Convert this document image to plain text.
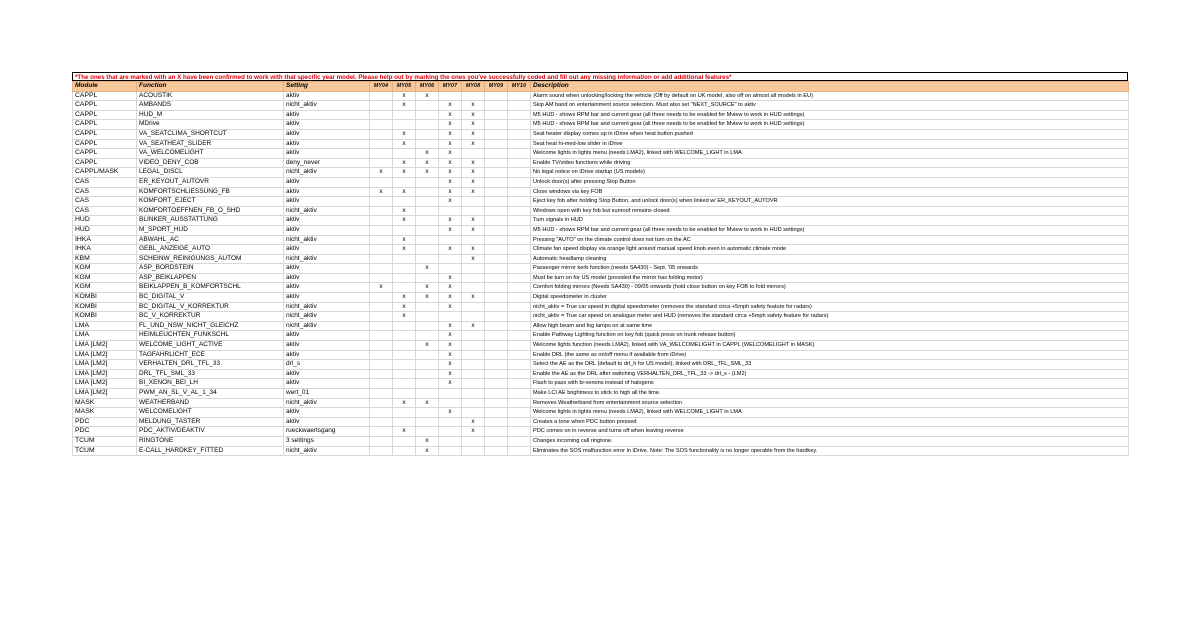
*The ones that are marked with an X have been confirmed to work with that specific year model. Please help out by marking the ones you've successfully coded and fill out any missing information or add additional features*
Module	Function	Setting	MY04	MY05	MY06	MY07	MY08	MY09	MY10	Description
CAPPL	ACOUSTIK	aktiv		x	x					Alarm sound when unlocking/locking the vehicle (Off by default on UK model, also off on almost all models in EU)
CAPPL	AMBANDS	nicht_aktiv		x		x	x			Skip AM band on entertainment source selection. Must also set "NEXT_SOURCE" to aktiv
CAPPL	HUD_M	aktiv				x	x			M5 HUD - shows RPM bar and current gear (all three needs to be enabled for Mview to work in HUD settings)
CAPPL	MDrive	aktiv				x	x			M5 HUD - shows RPM bar and current gear (all three needs to be enabled for Mview to work in HUD settings)
CAPPL	VA_SEATCLIMA_SHORTCUT	aktiv		x		x	x			Seat heater display comes up in iDrive when heat button pushed
CAPPL	VA_SEATHEAT_SLIDER	aktiv		x		x	x			Seat heat hi-med-low slider in iDrive
CAPPL	VA_WELCOMELIGHT	aktiv			x	x				Welcome lights in lights menu (needs LMA2), linked with WELCOME_LIGHT in LMA
CAPPL	VIDEO_DENY_COB	deny_never		x	x	x	x			Enable TV/video functions while driving
CAPPL/MASK	LEGAL_DISCL	nicht_aktiv	x	x	x	x	x			No legal notice on iDrive startup (US models)
CAS	ER_KEYOUT_AUTOVR	aktiv				x	x			Unlock door(s) after pressing Stop Button
CAS	KOMFORTSCHLIESSUNG_FB	aktiv	x	x		x	x			Close windows via key FOB
CAS	KOMFORT_EJECT	aktiv				x				Eject key fob after holding Stop Button, and unlock door(s) when linked w/ ER_KEYOUT_AUTOVR
CAS	KOMFORTOEFFNEN_FB_O_SHD	nicht_aktiv		x						Windows open with key fob but sunroof remains closed
HUD	BLINKER_AUSSTATTUNG	aktiv		x		x	x			Turn signals in HUD
HUD	M_SPORT_HUD	aktiv				x	x			M5 HUD - shows RPM bar and current gear (all three needs to be enabled for Mview to work in HUD settings)
IHKA	ABWAHL_AC	nicht_aktiv		x						Pressing "AUTO" on the climate control does not turn on the AC
IHKA	GEBL_ANZEIGE_AUTO	aktiv		x		x	x			Climate fan speed display via orange light around manual speed knob even in automatic climate mode
KBM	SCHEINW_REINIGUNGS_AUTOM	nicht_aktiv					x			Automatic headlamp cleaning
KGM	ASP_BORDSTEIN	aktiv			x					Passenger mirror kerb function (needs SA430) - Sept. '05 onwards
KGM	ASP_BEIKLAPPEN	aktiv				x				Must be turn on for US model (provided the mirror has folding motor)
KGM	BEIKLAPPEN_B_KOMFORTSCHL	aktiv	x		x	x				Comfort folding mirrors (Needs SA430) - 09/05 onwards (hold close button on key FOB to fold mirrors)
KOMBI	BC_DIGITAL_V	aktiv		x	x	x	x			Digital speedometer in cluster
KOMBI	BC_DIGITAL_V_KORREKTUR	nicht_aktiv		x		x				nicht_aktiv = True car speed in digital speedometer (removes the standard circa +5mph safety feature for radars)
KOMBI	BC_V_KORREKTUR	nicht_aktiv		x						nicht_aktiv = True car speed on analogue meter and HUD (removes the standard circa +5mph safety feature for radars)
LMA	FL_UND_NSW_NICHT_GLEICHZ	nicht_aktiv				x	x			Allow high beam and fog lamps on at same time
LMA	HEIMLEUCHTEN_FUNKSCHL	aktiv				x				Enable Pathway Lighting function on key fob (quick press on trunk release button)
LMA [LM2]	WELCOME_LIGHT_ACTIVE	aktiv			x	x				Welcome lights function (needs LMA2), linked with VA_WELCOMELIGHT in CAPPL (WELCOMELIGHT in MASK)
LMA [LM2]	TAGFAHRLICHT_ECE	aktiv				x				Enable DRL (the same as on/off menu if available from iDrive)
LMA [LM2]	VERHALTEN_DRL_TFL_33	drl_s				x				Select the AE as the DRL (default to drl_h for US model), linked with DRL_TFL_SML_33
LMA [LM2]	DRL_TFL_SML_33	aktiv				x				Enable the AE as the DRL after switching VERHALTEN_DRL_TFL_33 -> drl_s - (LM2)
LMA [LM2]	BI_XENON_BEI_LH	aktiv				x				Flash to pass with bi-xenons instead of halogens
LMA [LM2]	PWM_AN_SL_V_AL_1_34	wert_01								Make LCI AE brightness to stick to high all the time.
MASK	WEATHERBAND	nicht_aktiv		x	x					Removes Weatherband from entertainment source selection
MASK	WELCOMELIGHT	aktiv				x				Welcome lights in lights menu (needs LMA2), linked with WELCOME_LIGHT in LMA
PDC	MELDUNG_TASTER	aktiv					x			Creates a tone when PDC button pressed
PDC	PDC_AKTIV/DEAKTIV	rueckwaertsgang		x			x			PDC comes on in reverse and turns off when leaving reverse
TCUM	RINGTONE	3 settings			x					Changes incoming call ringtone.
TCUM	E-CALL_HARDKEY_FITTED	nicht_aktiv			x					Eliminates the SOS malfunction error in iDrive. Note: The SOS functionality is no longer operable from the hardkey.
